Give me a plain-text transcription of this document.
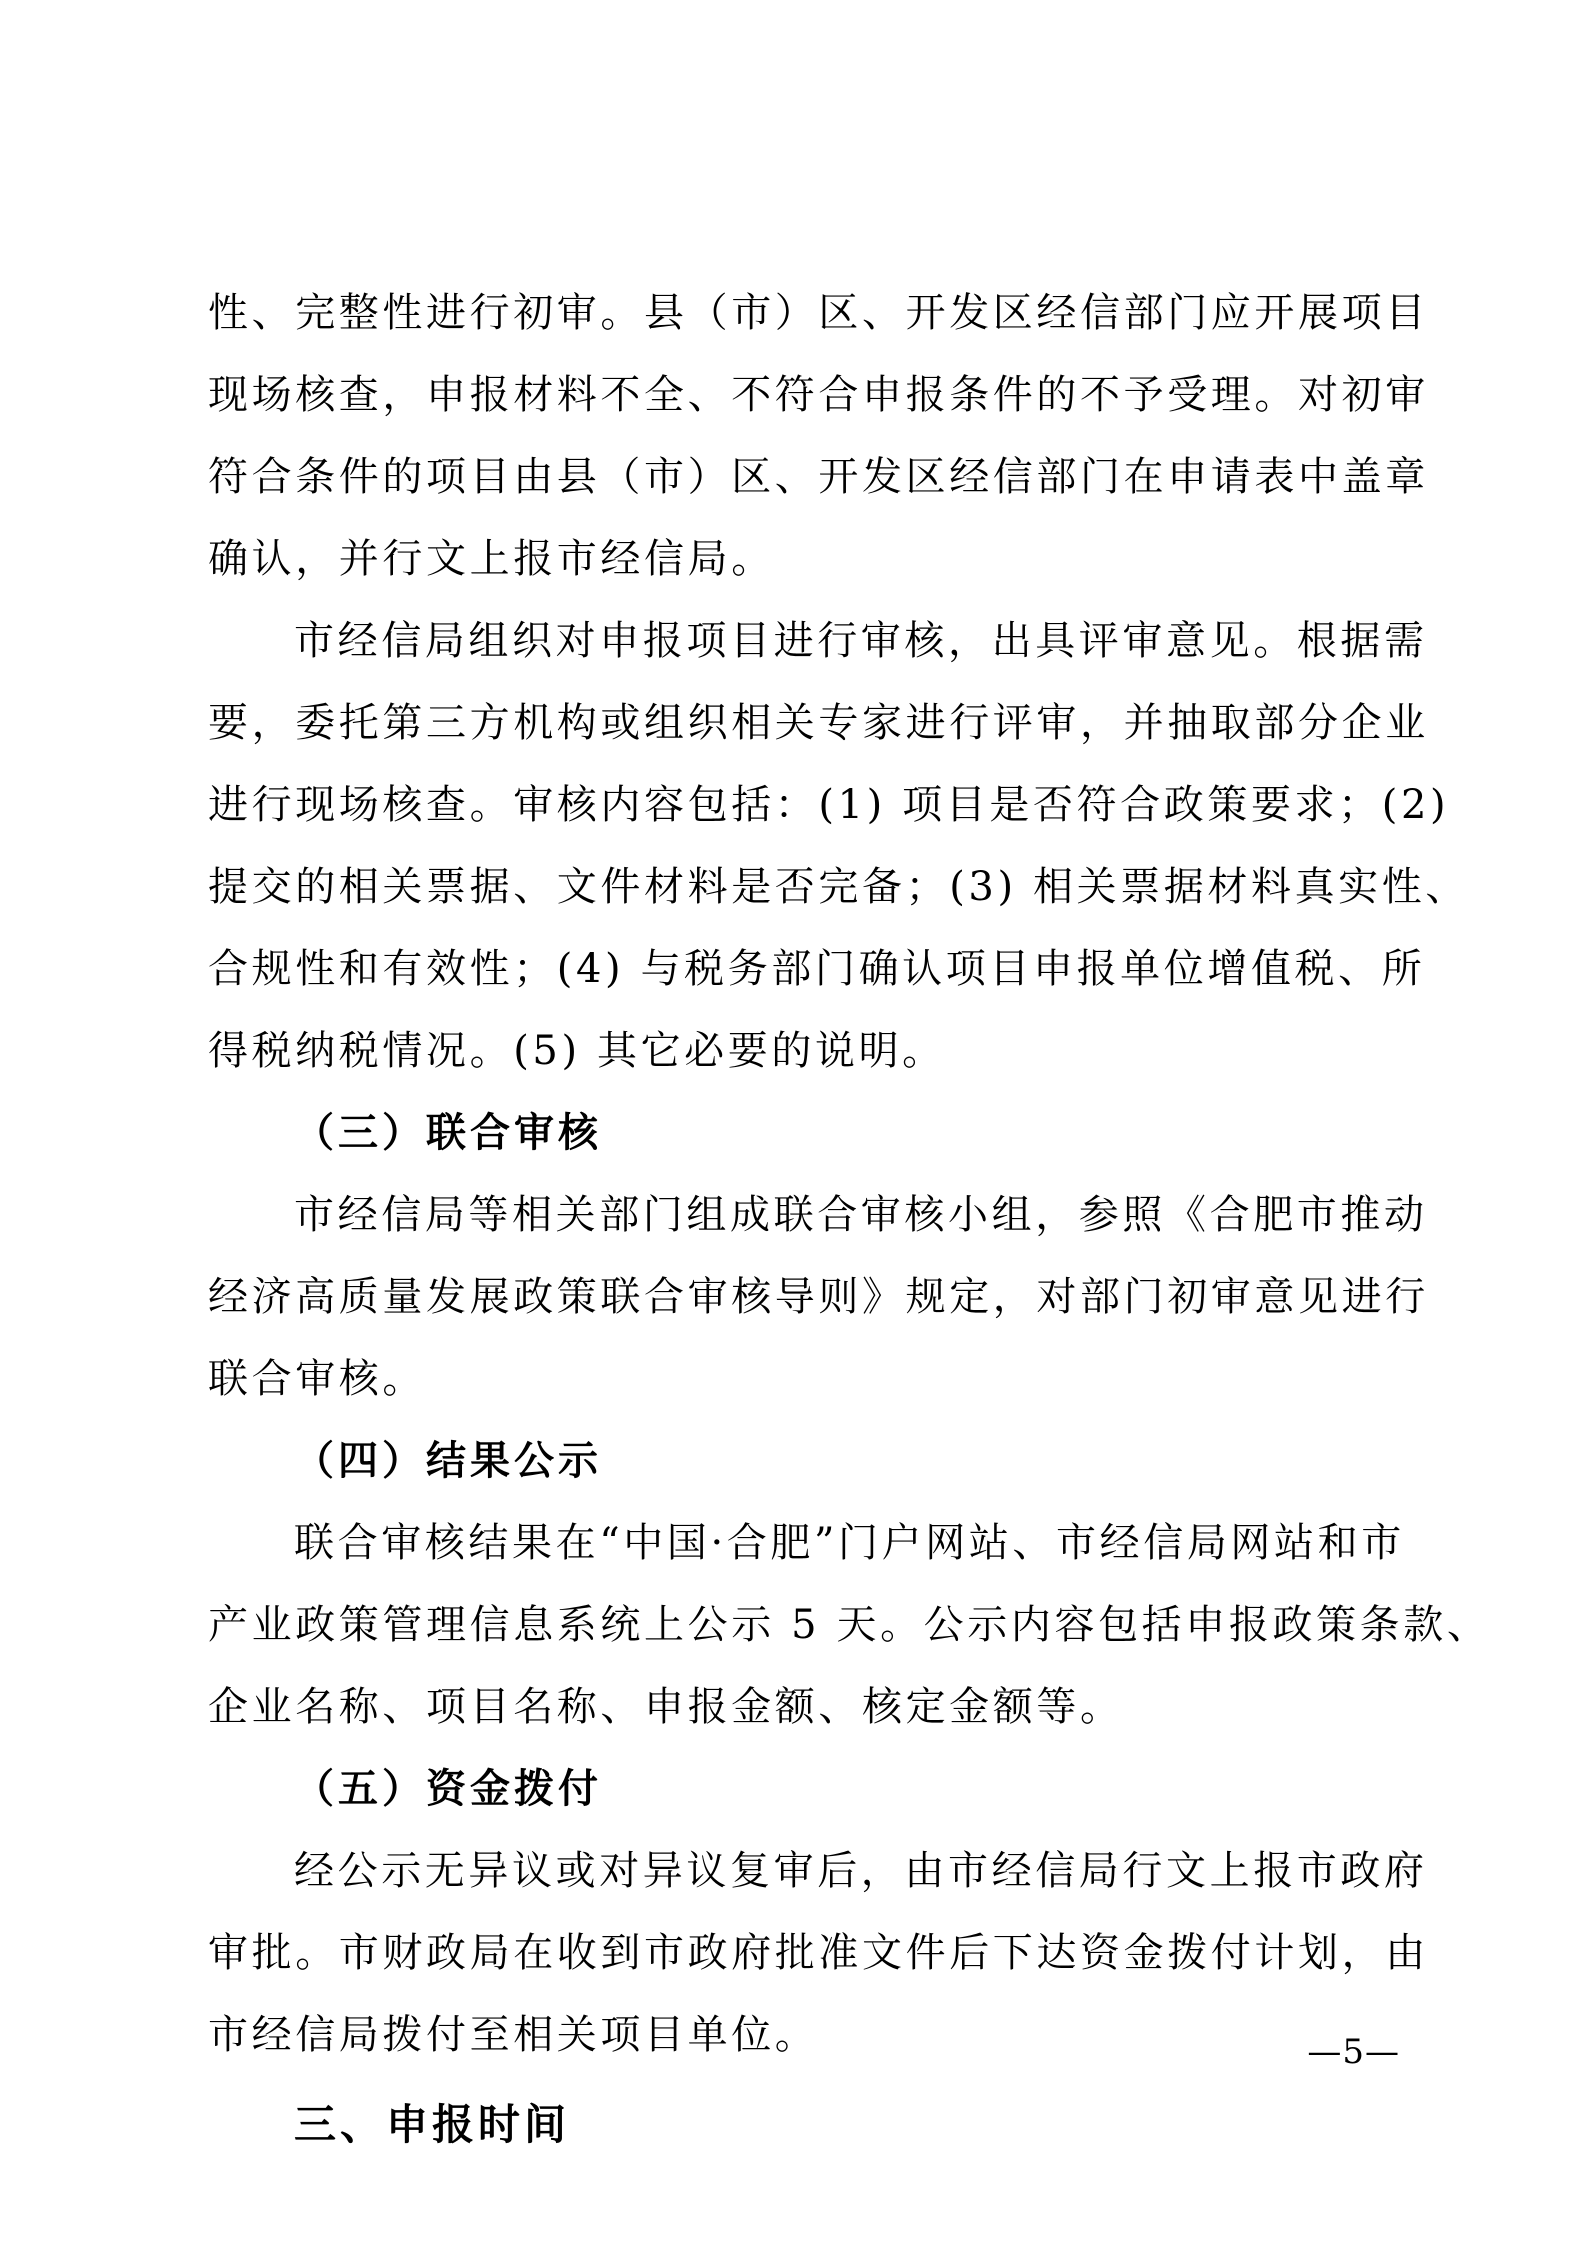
性、完整性进行初审。县（市）区、开发区经信部门应开展项目
现场核查，申报材料不全、不符合申报条件的不予受理。对初审
符合条件的项目由县（市）区、开发区经信部门在申请表中盖章
确认，并行文上报市经信局。
市经信局组织对申报项目进行审核，出具评审意见。根据需
要，委托第三方机构或组织相关专家进行评审，并抽取部分企业
进行现场核查。审核内容包括：(1) 项目是否符合政策要求；(2)
提交的相关票据、文件材料是否完备；(3) 相关票据材料真实性、
合规性和有效性；(4) 与税务部门确认项目申报单位增值税、所
得税纳税情况。(5) 其它必要的说明。
（三）联合审核
市经信局等相关部门组成联合审核小组，参照《合肥市推动
经济高质量发展政策联合审核导则》规定，对部门初审意见进行
联合审核。
（四）结果公示
联合审核结果在“中国·合肥”门户网站、市经信局网站和市
产业政策管理信息系统上公示 5 天。公示内容包括申报政策条款、
企业名称、项目名称、申报金额、核定金额等。
（五）资金拨付
经公示无异议或对异议复审后，由市经信局行文上报市政府
审批。市财政局在收到市政府批准文件后下达资金拨付计划，由
市经信局拨付至相关项目单位。
三、申报时间
—5—
